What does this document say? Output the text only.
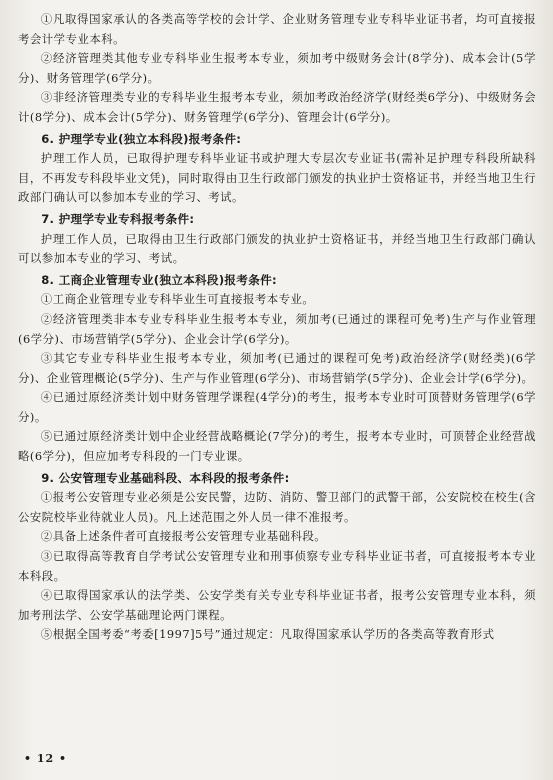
①凡取得国家承认的各类高等学校的会计学、企业财务管理专业专科毕业证书者，均可直接报考会计学专业本科。

②经济管理类其他专业专科毕业生报考本专业，须加考中级财务会计(8学分)、成本会计(5学分)、财务管理学(6学分)。

③非经济管理类专业的专科毕业生报考本专业，须加考政治经济学(财经类6学分)、中级财务会计(8学分)、成本会计(5学分)、财务管理学(6学分)、管理会计(6学分)。

6. 护理学专业(独立本科段)报考条件:

护理工作人员，已取得护理专科毕业证书或护理大专层次专业证书(需补足护理专科段所缺科目，不再发专科段毕业文凭)，同时取得由卫生行政部门颁发的执业护士资格证书，并经当地卫生行政部门确认可以参加本专业的学习、考试。

7. 护理学专业专科报考条件:

护理工作人员，已取得由卫生行政部门颁发的执业护士资格证书，并经当地卫生行政部门确认可以参加本专业的学习、考试。

8. 工商企业管理专业(独立本科段)报考条件:

①工商企业管理专业专科毕业生可直接报考本专业。

②经济管理类非本专业专科毕业生报考本专业，须加考(已通过的课程可免考)生产与作业管理(6学分)、市场营销学(5学分)、企业会计学(6学分)。

③其它专业专科毕业生报考本专业，须加考(已通过的课程可免考)政治经济学(财经类)(6学分)、企业管理概论(5学分)、生产与作业管理(6学分)、市场营销学(5学分)、企业会计学(6学分)。

④已通过原经济类计划中财务管理学课程(4学分)的考生，报考本专业时可顶替财务管理学(6学分)。

⑤已通过原经济类计划中企业经营战略概论(7学分)的考生，报考本专业时，可顶替企业经营战略(6学分)，但应加考专科段的一门专业课。

9. 公安管理专业基础科段、本科段的报考条件:

①报考公安管理专业必须是公安民警，边防、消防、警卫部门的武警干部，公安院校在校生(含公安院校毕业待就业人员)。凡上述范围之外人员一律不准报考。

②具备上述条件者可直接报考公安管理专业基础科段。

③已取得高等教育自学考试公安管理专业和刑事侦察专业专科毕业证书者，可直接报考本专业本科段。

④已取得国家承认的法学类、公安学类有关专业专科毕业证书者，报考公安管理专业本科，须加考刑法学、公安学基础理论两门课程。

⑤根据全国考委“考委[1997]5号”通过规定：凡取得国家承认学历的各类高等教育形式

• 12 •
